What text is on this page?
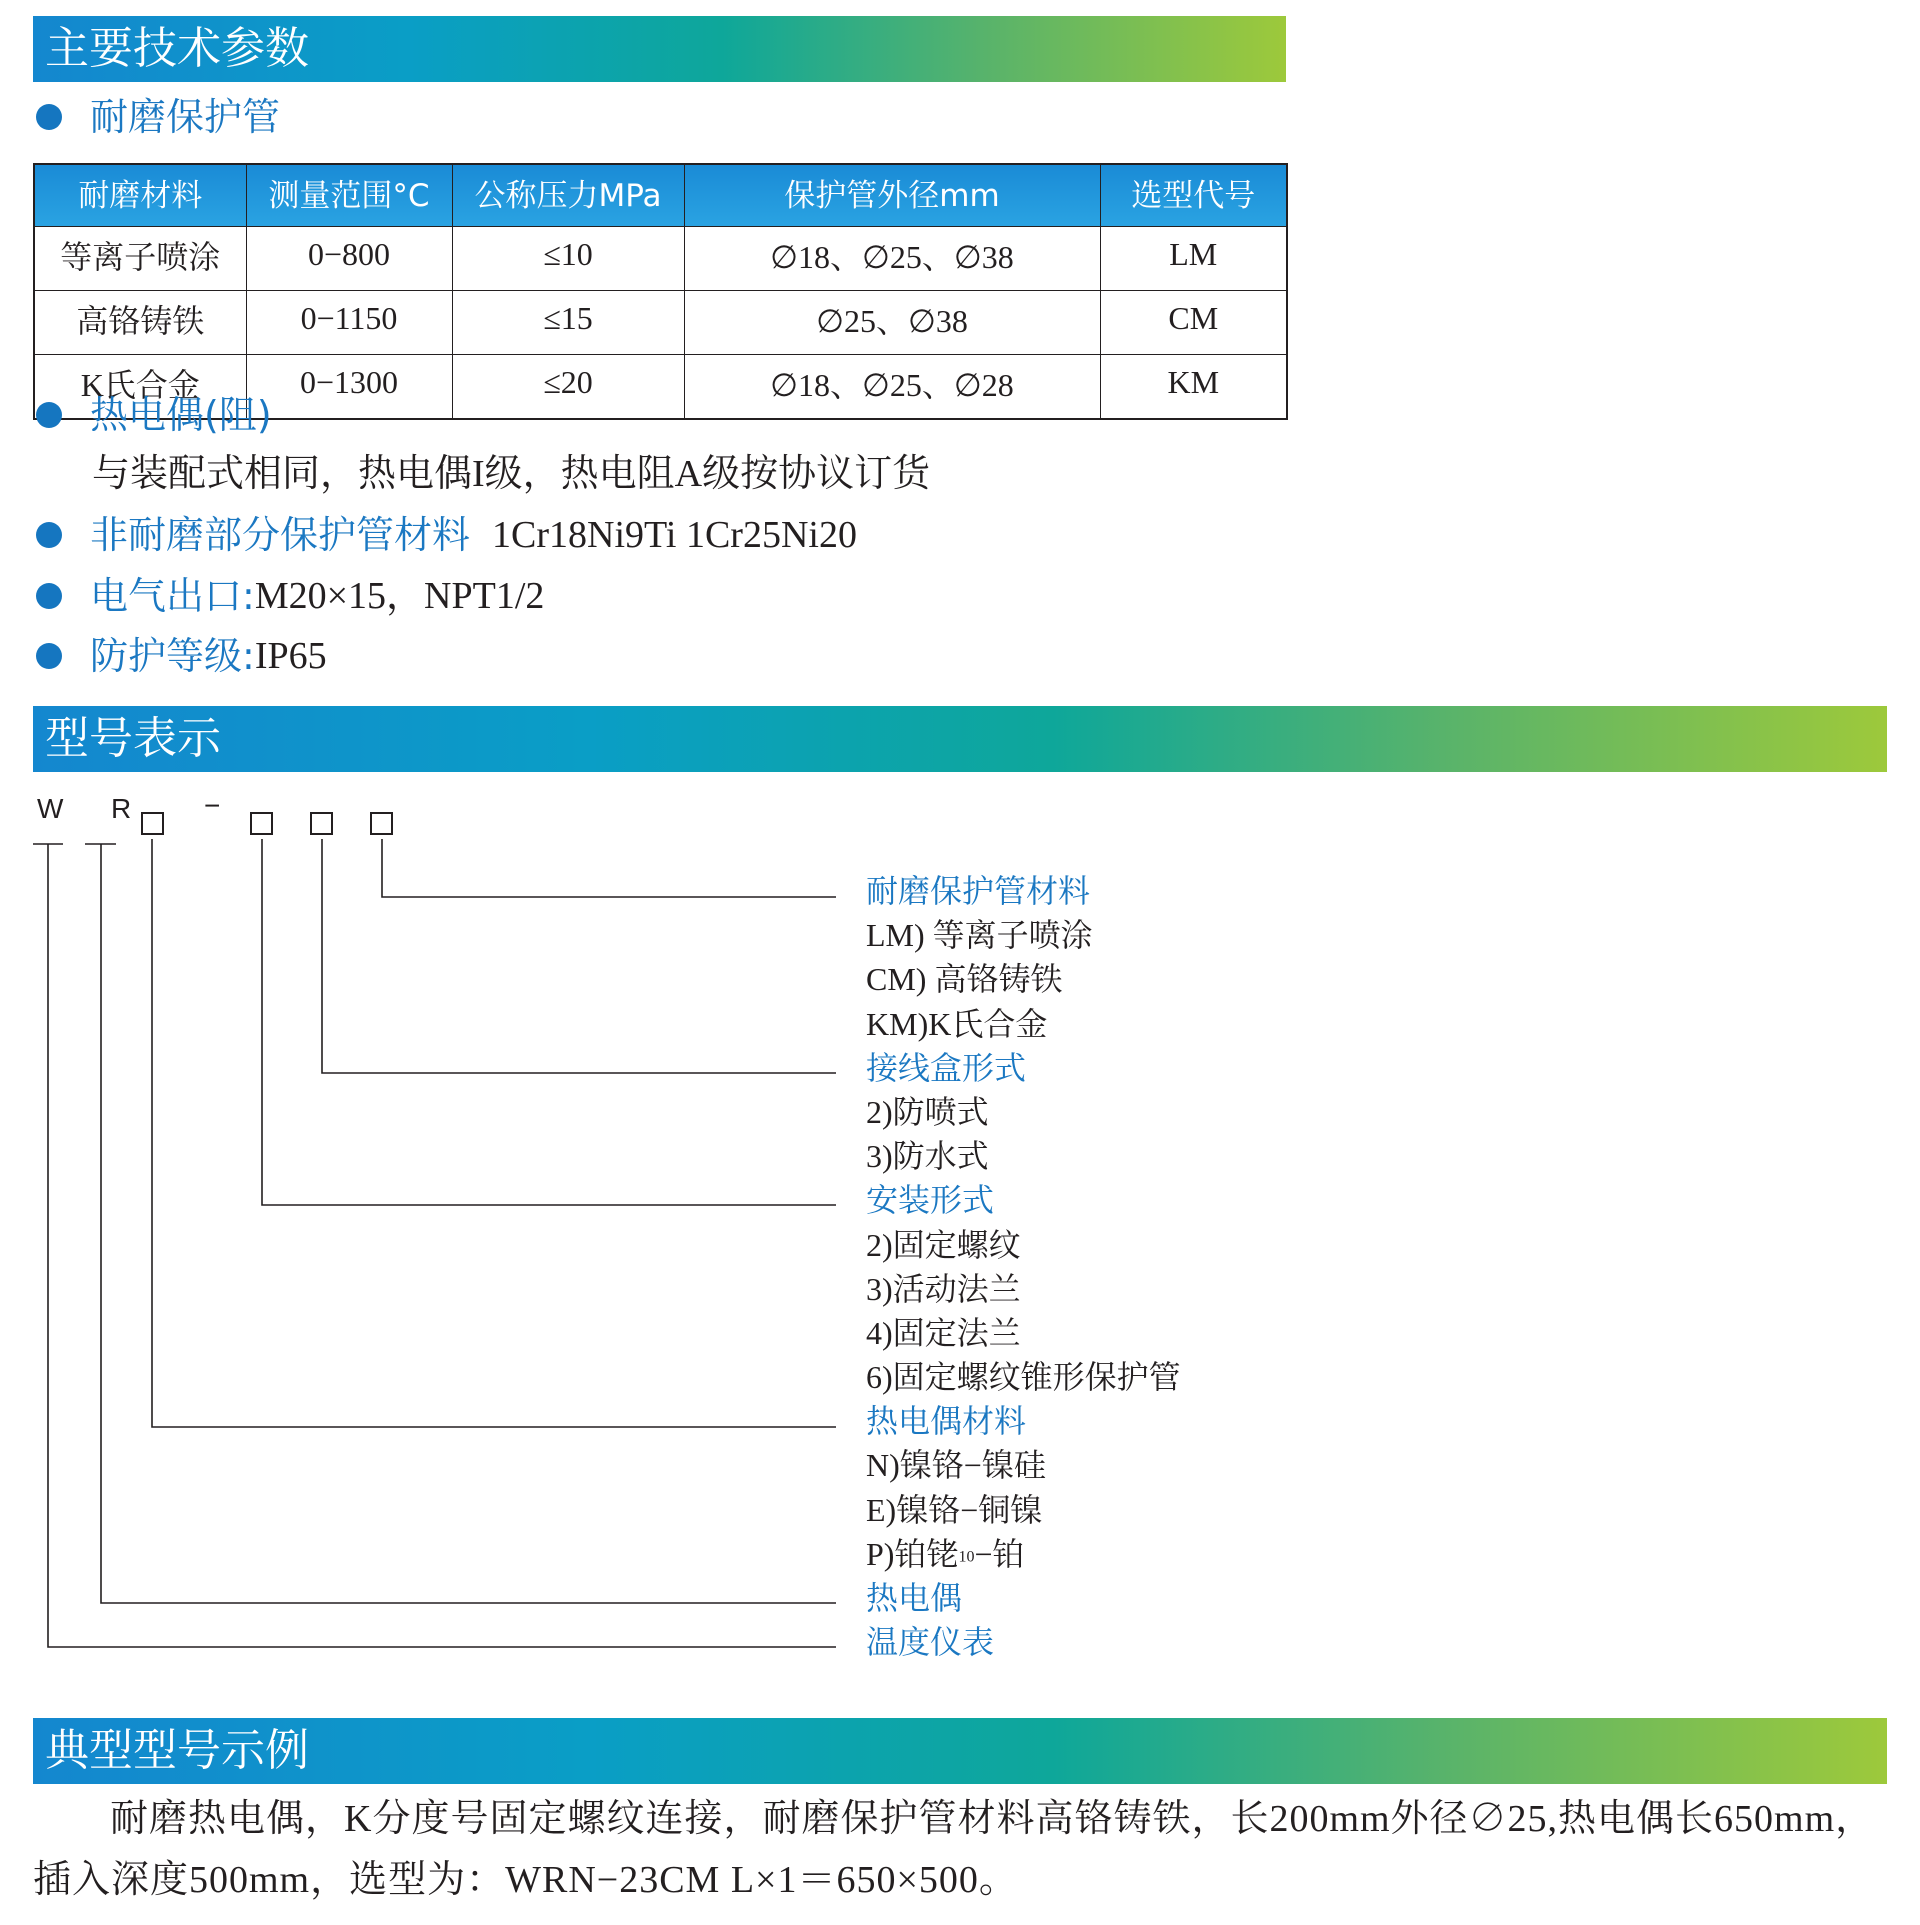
主要技术参数
耐磨保护管
耐磨材料	测量范围°C	公称压力MPa	保护管外径mm	选型代号
等离子喷涂	0−800	≤10	∅18、∅25、∅38	LM
高铬铸铁	0−1150	≤15	∅25、∅38	CM
K氏合金	0−1300	≤20	∅18、∅25、∅28	KM
热电偶(阻)
与装配式相同，热电偶I级，热电阻A级按协议订货
非耐磨部分保护管材料 1Cr18Ni9Ti 1Cr25Ni20
电气出口: M20×15，NPT1/2
防护等级: IP65
型号表示
W R	−
耐磨保护管材料
LM) 等离子喷涂
CM) 高铬铸铁
KM)K氏合金
接线盒形式
2)防喷式
3)防水式
安装形式
2)固定螺纹
3)活动法兰
4)固定法兰
6)固定螺纹锥形保护管
热电偶材料
N)镍铬−镍硅
E)镍铬−铜镍
P)铂铑10−铂
热电偶
温度仪表
典型型号示例
耐磨热电偶，K分度号固定螺纹连接，耐磨保护管材料高铬铸铁，长200mm外径∅25,热电偶长650mm，
插入深度500mm，选型为：WRN−23CM L×1＝650×500。
